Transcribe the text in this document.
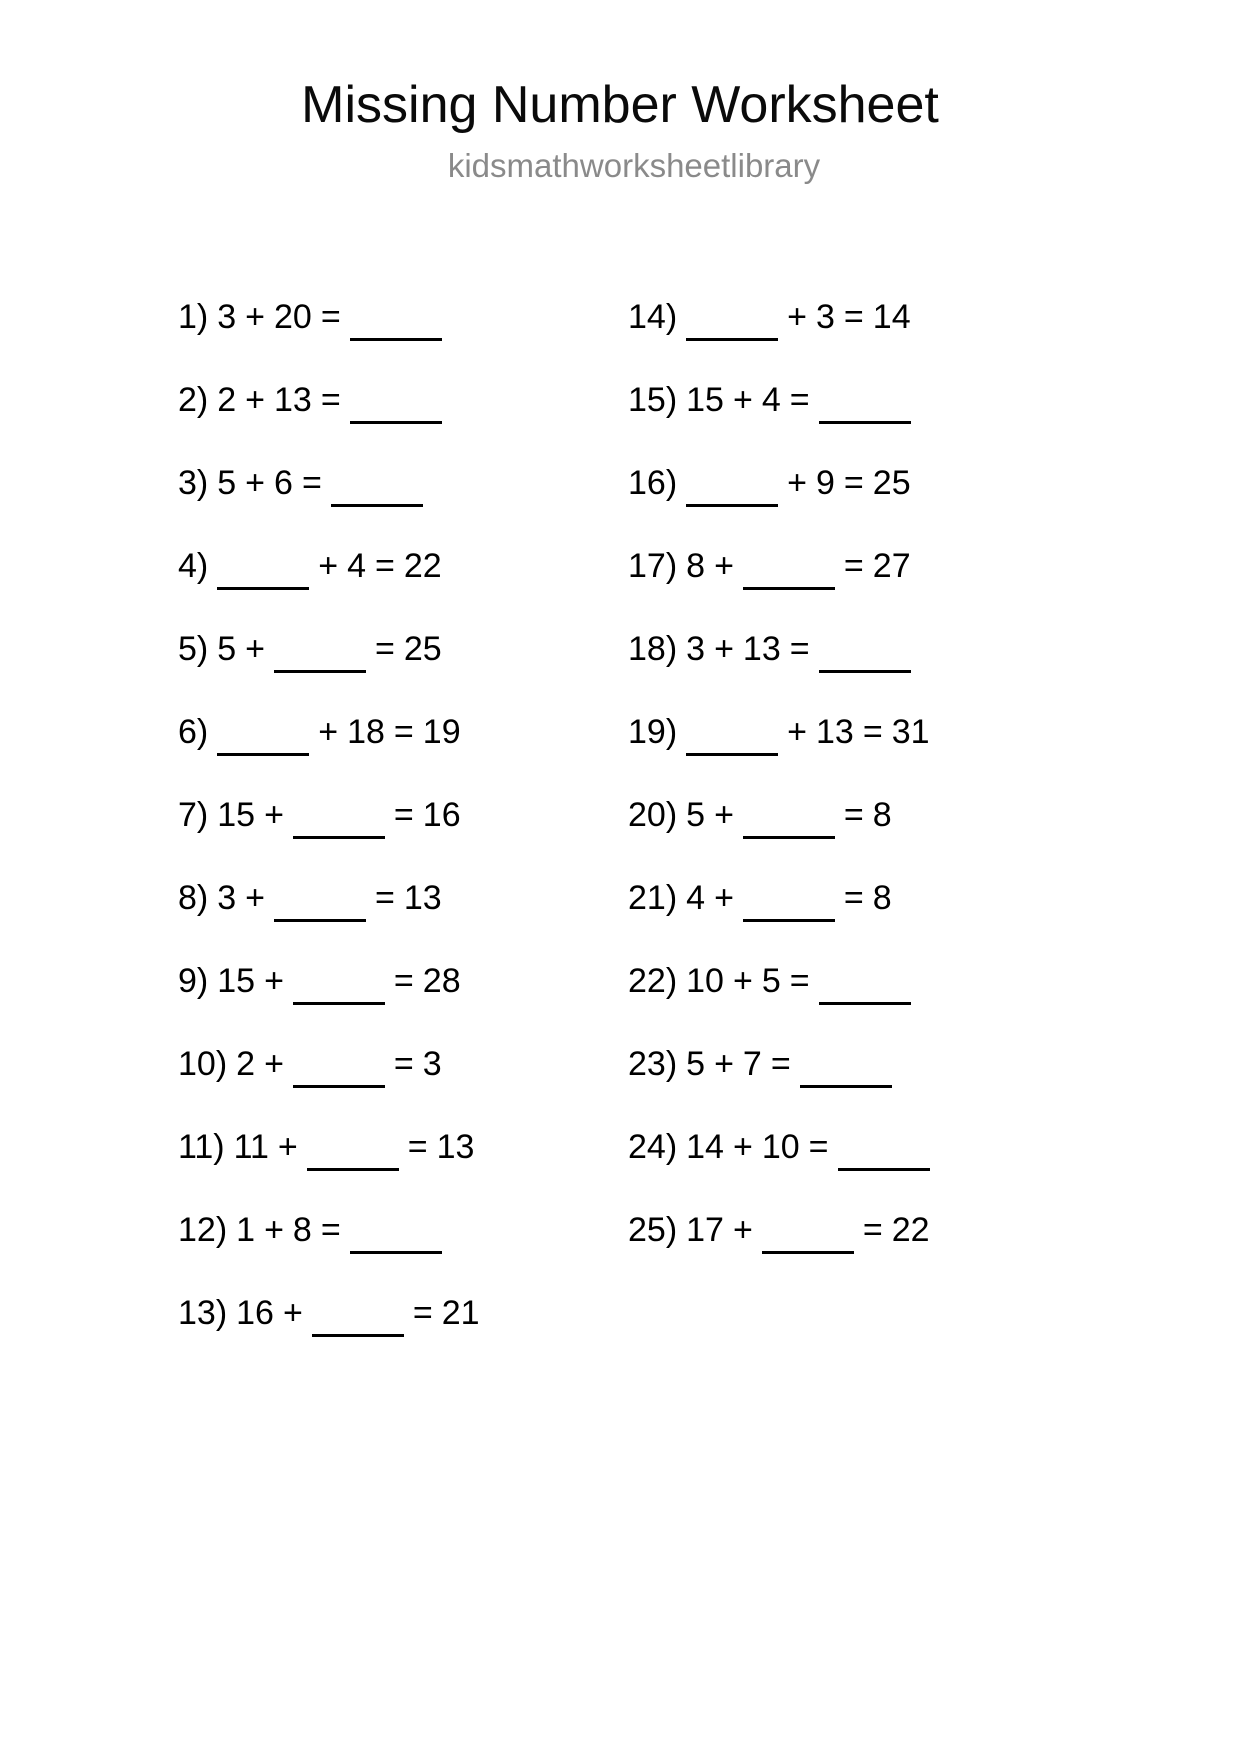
Missing Number Worksheet
kidsmathworksheetlibrary
1) 3 + 20 =
2) 2 + 13 =
3) 5 + 6 =
4)	+ 4 = 22
5) 5 +	= 25
6)	+ 18 = 19
7) 15 +	= 16
8) 3 +	= 13
9) 15 +	= 28
10) 2 +	= 3
11) 11 +	= 13
12) 1 + 8 =
13) 16 +	= 21
14)	+ 3 = 14
15) 15 + 4 =
16)	+ 9 = 25
17) 8 +	= 27
18) 3 + 13 =
19)	+ 13 = 31
20) 5 +	= 8
21) 4 +	= 8
22) 10 + 5 =
23) 5 + 7 =
24) 14 + 10 =
25) 17 +	= 22
